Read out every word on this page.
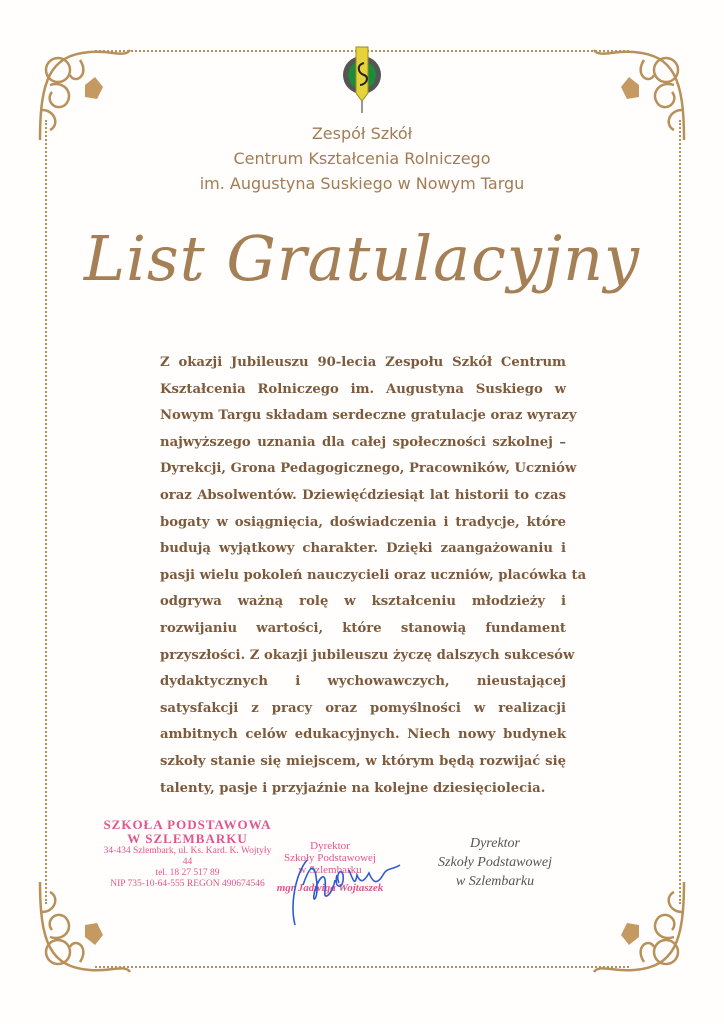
Zespół Szkół
Centrum Kształcenia Rolniczego
im. Augustyna Suskiego w Nowym Targu
List Gratulacyjny
Z okazji Jubileuszu 90-lecia Zespołu Szkół Centrum
Kształcenia Rolniczego im. Augustyna Suskiego w
Nowym Targu składam serdeczne gratulacje oraz wyrazy
najwyższego uznania dla całej społeczności szkolnej –
Dyrekcji, Grona Pedagogicznego, Pracowników, Uczniów
oraz Absolwentów. Dziewięćdziesiąt lat historii to czas
bogaty w osiągnięcia, doświadczenia i tradycje, które
budują wyjątkowy charakter. Dzięki zaangażowaniu i
pasji wielu pokoleń nauczycieli oraz uczniów, placówka ta
odgrywa ważną rolę w kształceniu młodzieży i
rozwijaniu wartości, które stanowią fundament
przyszłości. Z okazji jubileuszu życzę dalszych sukcesów
dydaktycznych i wychowawczych, nieustającej
satysfakcji z pracy oraz pomyślności w realizacji
ambitnych celów edukacyjnych. Niech nowy budynek
szkoły stanie się miejscem, w którym będą rozwijać się
talenty, pasje i przyjaźnie na kolejne dziesięciolecia.
SZKOŁA PODSTAWOWA
W SZLEMBARKU
34-434 Szlembark, ul. Ks. Kard. K. Wojtyły 44
tel. 18 27 517 89
NIP 735-10-64-555 REGON 490674546
Dyrektor
Szkoły Podstawowej
w Szlembarku
mgr Jadwiga Wojtaszek
Dyrektor
Szkoły Podstawowej
w Szlembarku
